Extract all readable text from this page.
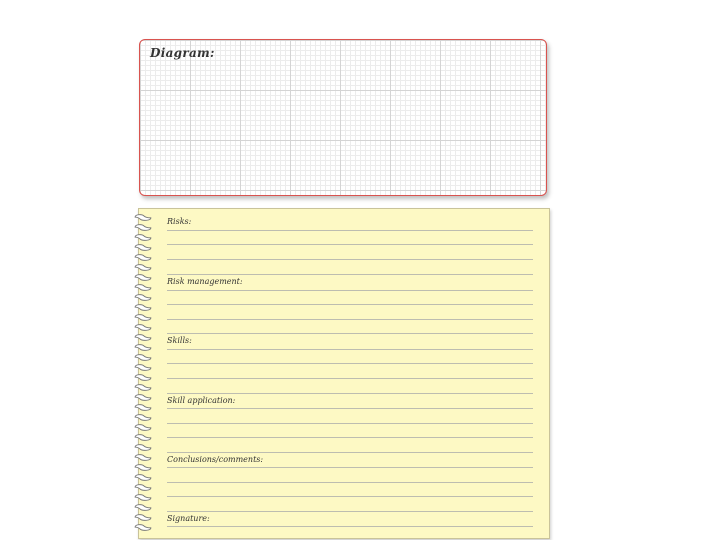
Diagram:
Risks:
Risk management:
Skills:
Skill application:
Conclusions/comments:
Signature:
